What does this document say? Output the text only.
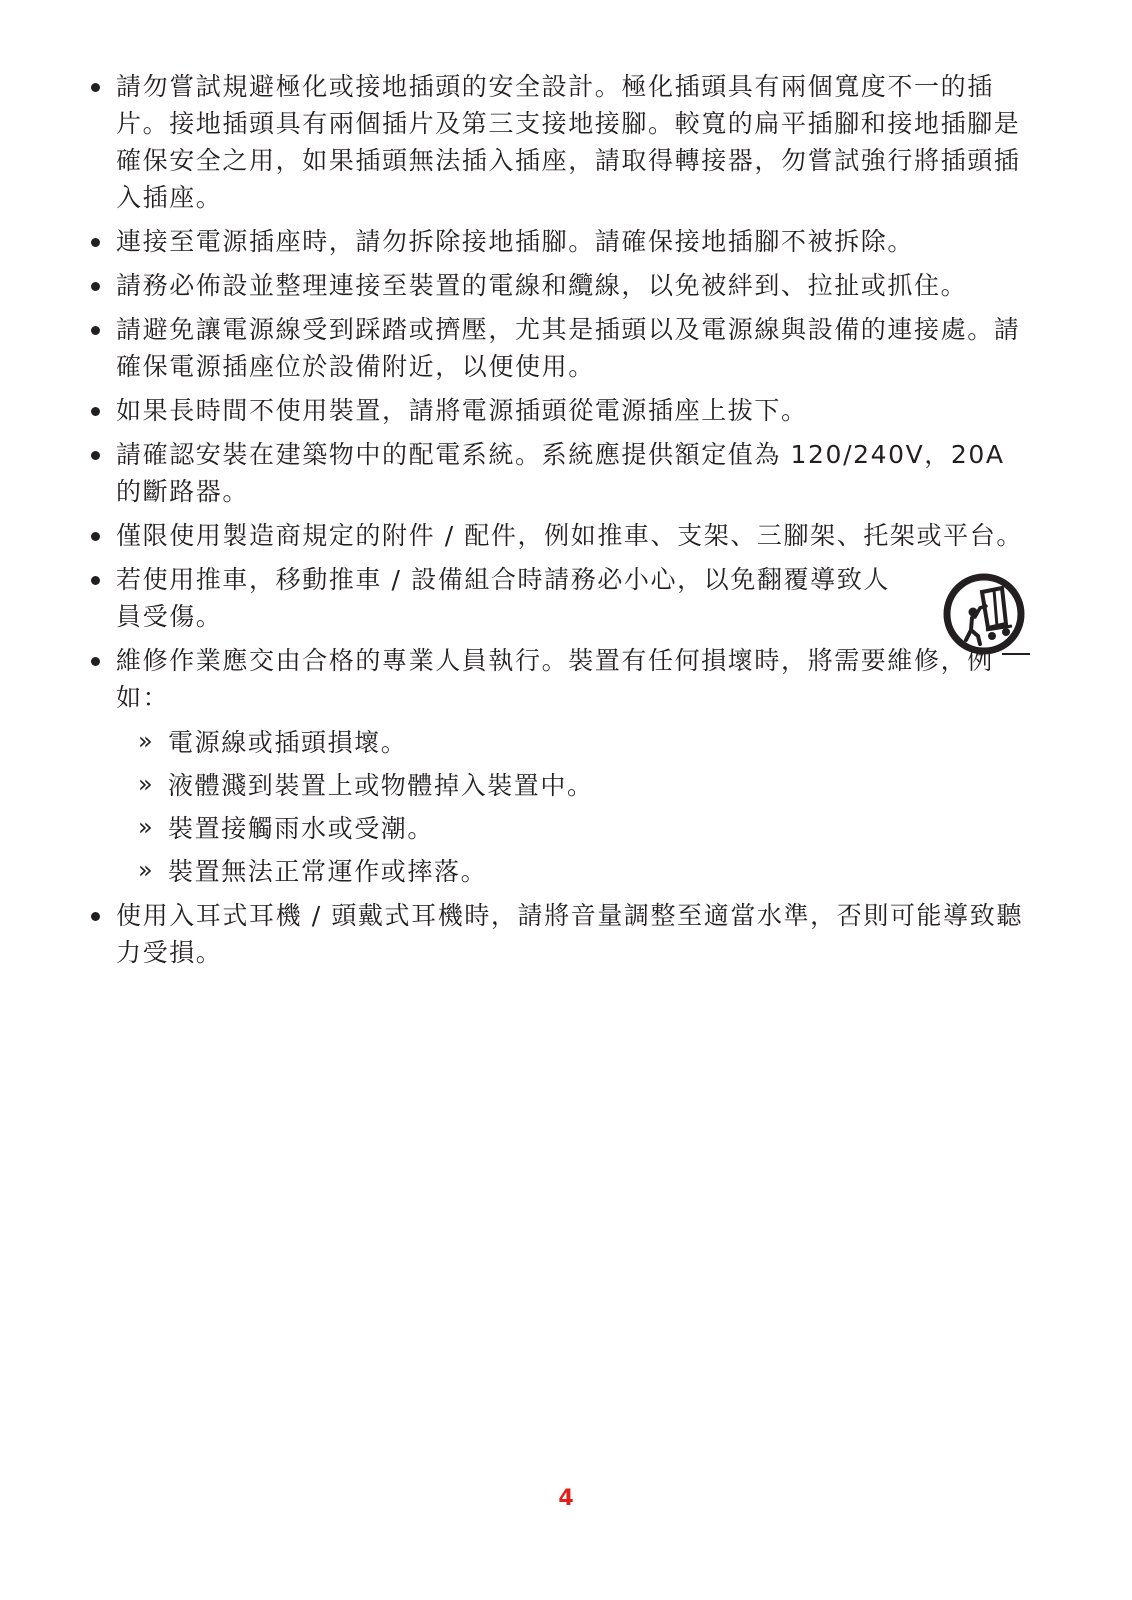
請勿嘗試規避極化或接地插頭的安全設計。極化插頭具有兩個寬度不一的插片。接地插頭具有兩個插片及第三支接地接腳。較寬的扁平插腳和接地插腳是確保安全之用，如果插頭無法插入插座，請取得轉接器，勿嘗試強行將插頭插入插座。
連接至電源插座時，請勿拆除接地插腳。請確保接地插腳不被拆除。
請務必佈設並整理連接至裝置的電線和纜線，以免被絆到、拉扯或抓住。
請避免讓電源線受到踩踏或擠壓，尤其是插頭以及電源線與設備的連接處。請確保電源插座位於設備附近，以便使用。
如果長時間不使用裝置，請將電源插頭從電源插座上拔下。
請確認安裝在建築物中的配電系統。系統應提供額定值為 120/240V，20A 的斷路器。
僅限使用製造商規定的附件 / 配件，例如推車、支架、三腳架、托架或平台。
若使用推車，移動推車 / 設備組合時請務必小心，以免翻覆導致人員受傷。
維修作業應交由合格的專業人員執行。裝置有任何損壞時，將需要維修，例如：
» 電源線或插頭損壞。
» 液體濺到裝置上或物體掉入裝置中。
» 裝置接觸雨水或受潮。
» 裝置無法正常運作或摔落。
使用入耳式耳機 / 頭戴式耳機時，請將音量調整至適當水準，否則可能導致聽力受損。
4
